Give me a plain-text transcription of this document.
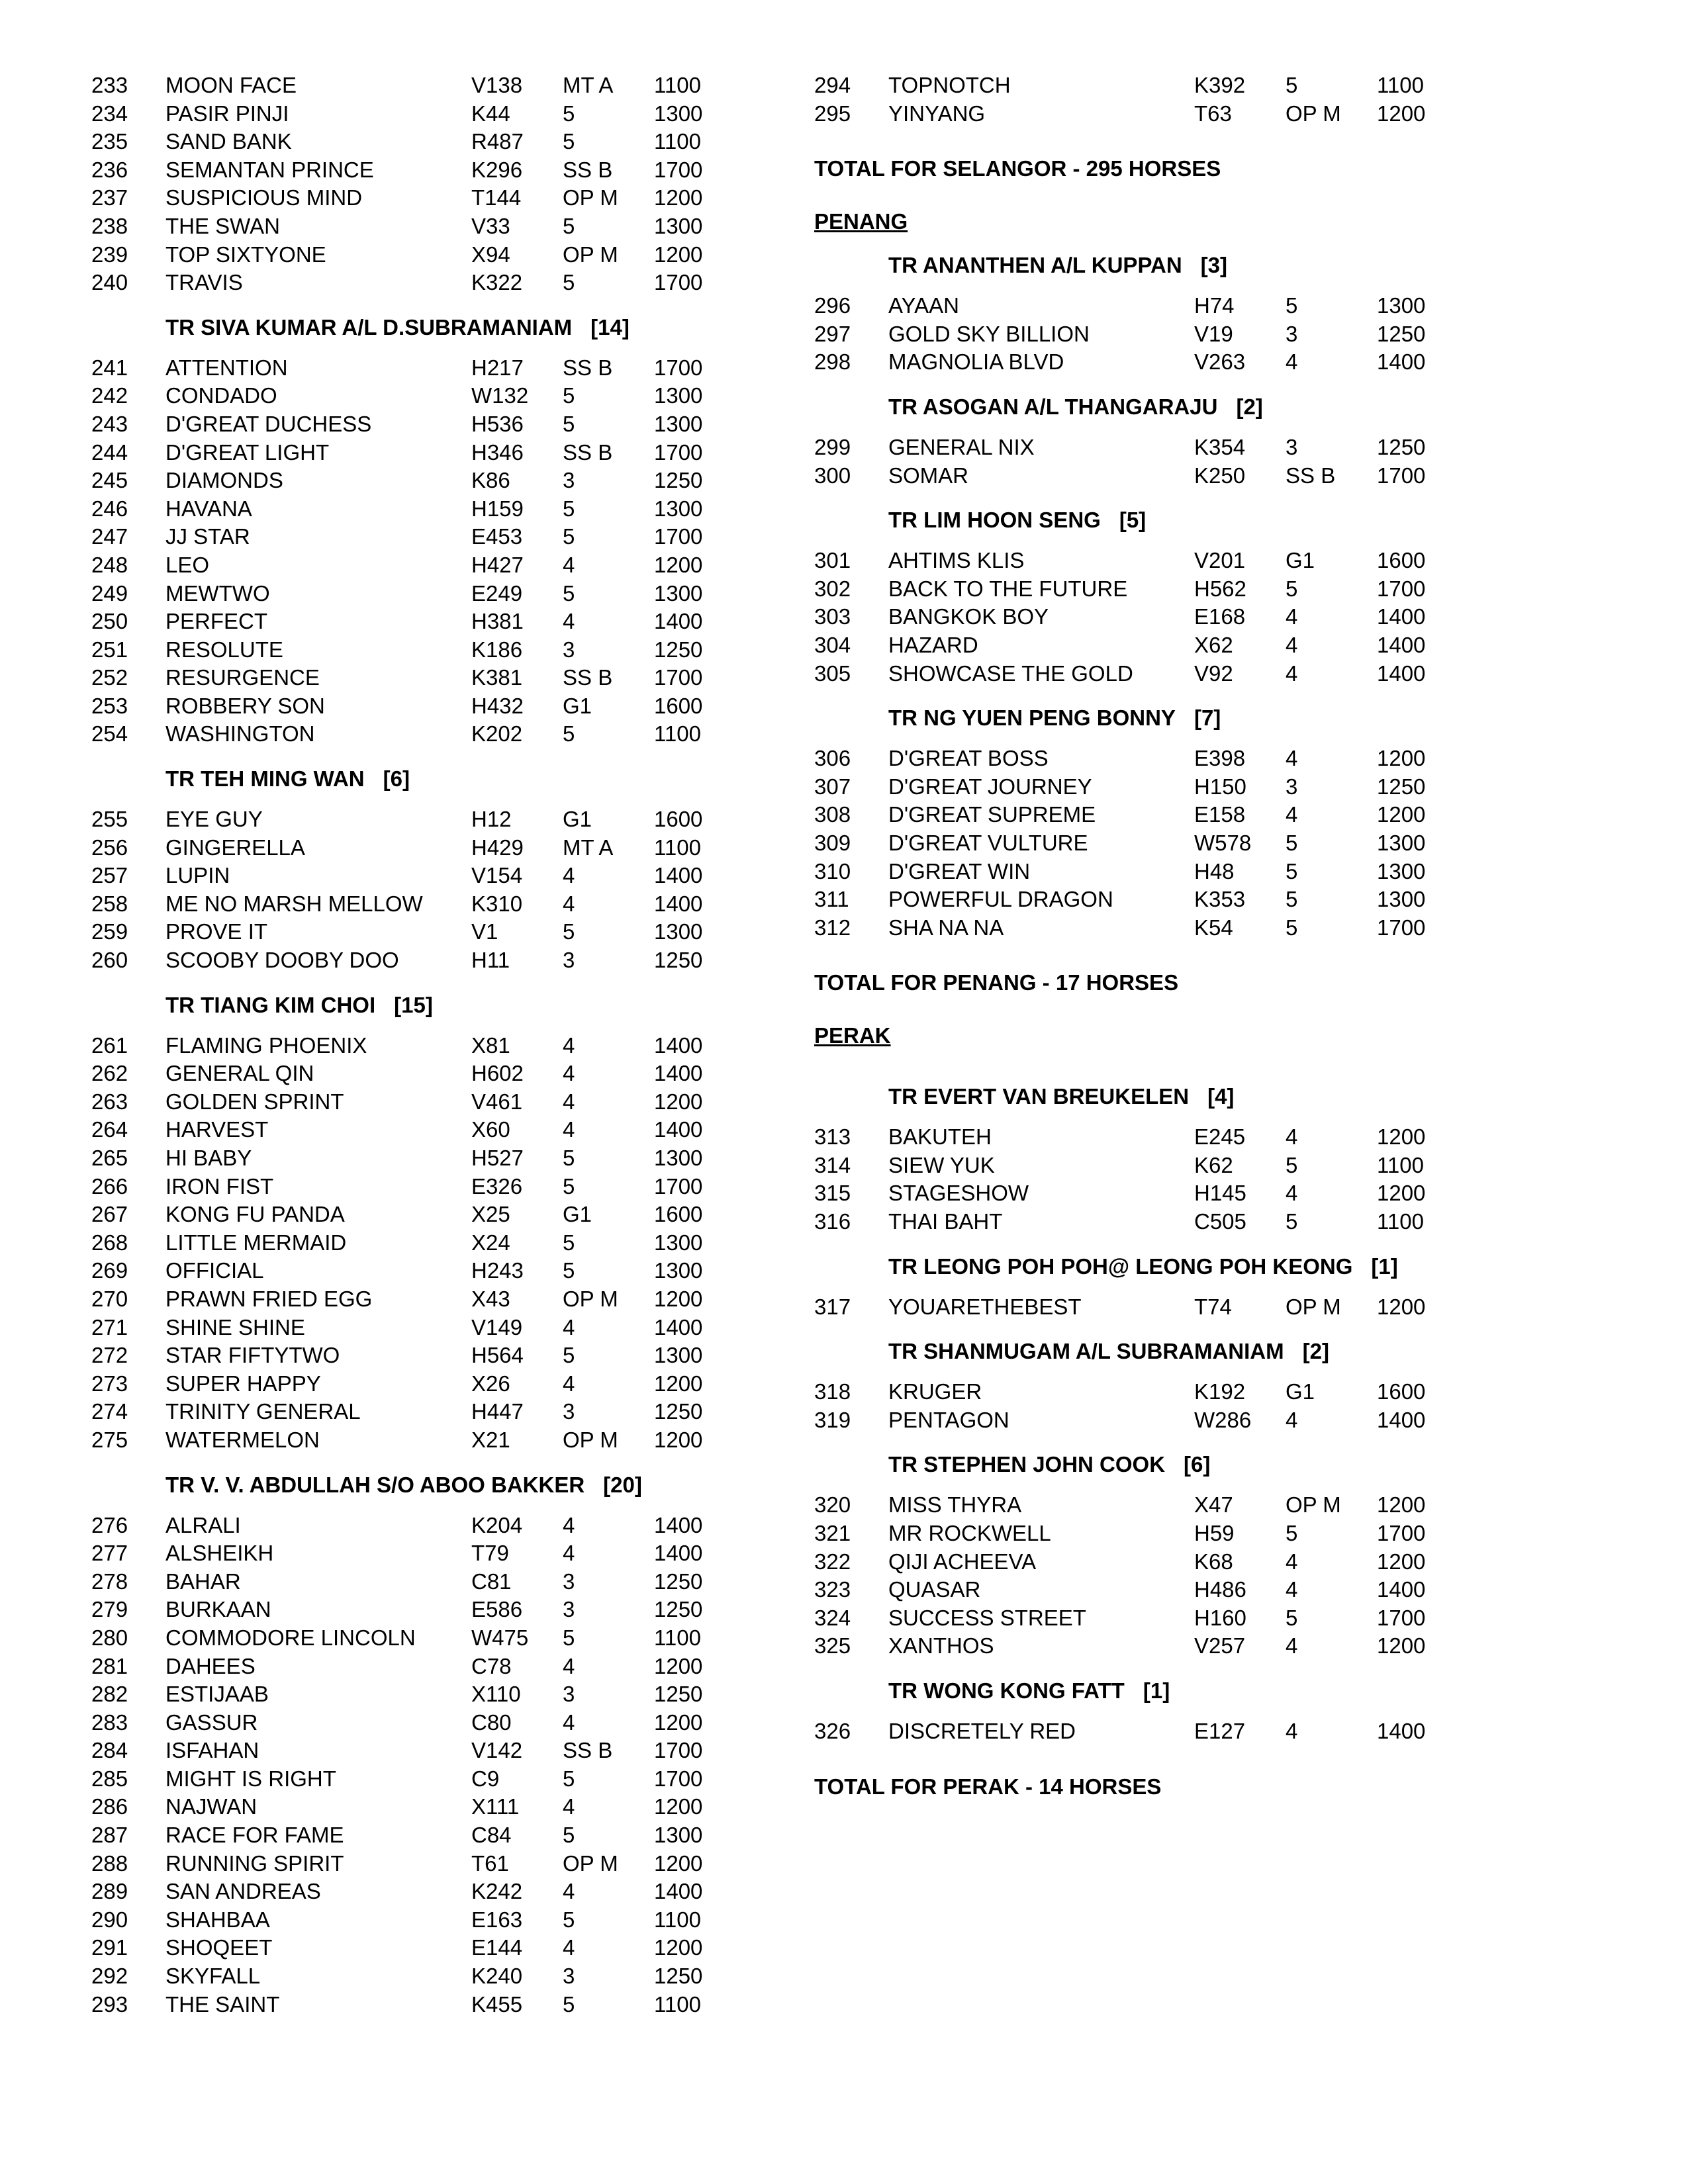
233 MOON FACE	V138 MT A 1100
234 PASIR PINJI	K44 5	1300
235 SAND BANK	R487 5	1100
236 SEMANTAN PRINCE	K296 SS B 1700
237 SUSPICIOUS MIND	T144 OP M 1200
238 THE SWAN	V33 5	1300
239 TOP SIXTYONE	X94 OP M 1200
240 TRAVIS	K322 5	1700
TR SIVA KUMAR A/L D.SUBRAMANIAM [14]
241 ATTENTION	H217 SS B 1700
242 CONDADO	W132 5	1300
243 D'GREAT DUCHESS	H536 5	1300
244 D'GREAT LIGHT	H346 SS B 1700
245 DIAMONDS	K86 3	1250
246 HAVANA	H159 5	1300
247 JJ STAR	E453 5	1700
248 LEO	H427 4	1200
249 MEWTWO	E249 5	1300
250 PERFECT	H381 4	1400
251 RESOLUTE	K186 3	1250
252 RESURGENCE	K381 SS B 1700
253 ROBBERY SON	H432 G1	1600
254 WASHINGTON	K202 5	1100
TR TEH MING WAN [6]
255 EYE GUY	H12 G1	1600
256 GINGERELLA	H429 MT A 1100
257 LUPIN	V154 4	1400
258 ME NO MARSH MELLOW K310 4	1400
259 PROVE IT	V1	5	1300
260 SCOOBY DOOBY DOO	H11 3	1250
TR TIANG KIM CHOI [15]
261 FLAMING PHOENIX	X81 4	1400
262 GENERAL QIN	H602 4	1400
263 GOLDEN SPRINT	V461 4	1200
264 HARVEST	X60 4	1400
265 HI BABY	H527 5	1300
266 IRON FIST	E326 5	1700
267 KONG FU PANDA	X25 G1	1600
268 LITTLE MERMAID	X24 5	1300
269 OFFICIAL	H243 5	1300
270 PRAWN FRIED EGG	X43 OP M 1200
271 SHINE SHINE	V149 4	1400
272 STAR FIFTYTWO	H564 5	1300
273 SUPER HAPPY	X26 4	1200
274 TRINITY GENERAL	H447 3	1250
275 WATERMELON	X21 OP M 1200
TR V. V. ABDULLAH S/O ABOO BAKKER [20]
276 ALRALI	K204 4	1400
277 ALSHEIKH	T79 4	1400
278 BAHAR	C81 3	1250
279 BURKAAN	E586 3	1250
280 COMMODORE LINCOLN	W475 5	1100
281 DAHEES	C78 4	1200
282 ESTIJAAB	X110 3	1250
283 GASSUR	C80 4	1200
284 ISFAHAN	V142 SS B 1700
285 MIGHT IS RIGHT	C9	5	1700
286 NAJWAN	X111 4	1200
287 RACE FOR FAME	C84 5	1300
288 RUNNING SPIRIT	T61 OP M 1200
289 SAN ANDREAS	K242 4	1400
290 SHAHBAA	E163 5	1100
291 SHOQEET	E144 4	1200
292 SKYFALL	K240 3	1250
293 THE SAINT	K455 5	1100
294 TOPNOTCH	K392 5	1100
295 YINYANG	T63 OP M 1200
TOTAL FOR SELANGOR - 295 HORSES
PENANG
TR ANANTHEN A/L KUPPAN [3]
296 AYAAN	H74 5	1300
297 GOLD SKY BILLION	V19 3	1250
298 MAGNOLIA BLVD	V263 4	1400
TR ASOGAN A/L THANGARAJU [2]
299 GENERAL NIX	K354 3	1250
300 SOMAR	K250 SS B 1700
TR LIM HOON SENG [5]
301 AHTIMS KLIS	V201 G1	1600
302 BACK TO THE FUTURE	H562 5	1700
303 BANGKOK BOY	E168 4	1400
304 HAZARD	X62 4	1400
305 SHOWCASE THE GOLD	V92 4	1400
TR NG YUEN PENG BONNY [7]
306 D'GREAT BOSS	E398 4	1200
307 D'GREAT JOURNEY	H150 3	1250
308 D'GREAT SUPREME	E158 4	1200
309 D'GREAT VULTURE	W578 5	1300
310 D'GREAT WIN	H48 5	1300
311 POWERFUL DRAGON	K353 5	1300
312 SHA NA NA	K54 5	1700
TOTAL FOR PENANG - 17 HORSES
PERAK
TR EVERT VAN BREUKELEN [4]
313 BAKUTEH	E245 4	1200
314 SIEW YUK	K62 5	1100
315 STAGESHOW	H145 4	1200
316 THAI BAHT	C505 5	1100
TR LEONG POH POH@ LEONG POH KEONG [1]
317 YOUARETHEBEST	T74 OP M 1200
TR SHANMUGAM A/L SUBRAMANIAM [2]
318 KRUGER	K192 G1	1600
319 PENTAGON	W286 4	1400
TR STEPHEN JOHN COOK [6]
320 MISS THYRA	X47 OP M 1200
321 MR ROCKWELL	H59 5	1700
322 QIJI ACHEEVA	K68 4	1200
323 QUASAR	H486 4	1400
324 SUCCESS STREET	H160 5	1700
325 XANTHOS	V257 4	1200
TR WONG KONG FATT [1]
326 DISCRETELY RED	E127 4	1400
TOTAL FOR PERAK - 14 HORSES
